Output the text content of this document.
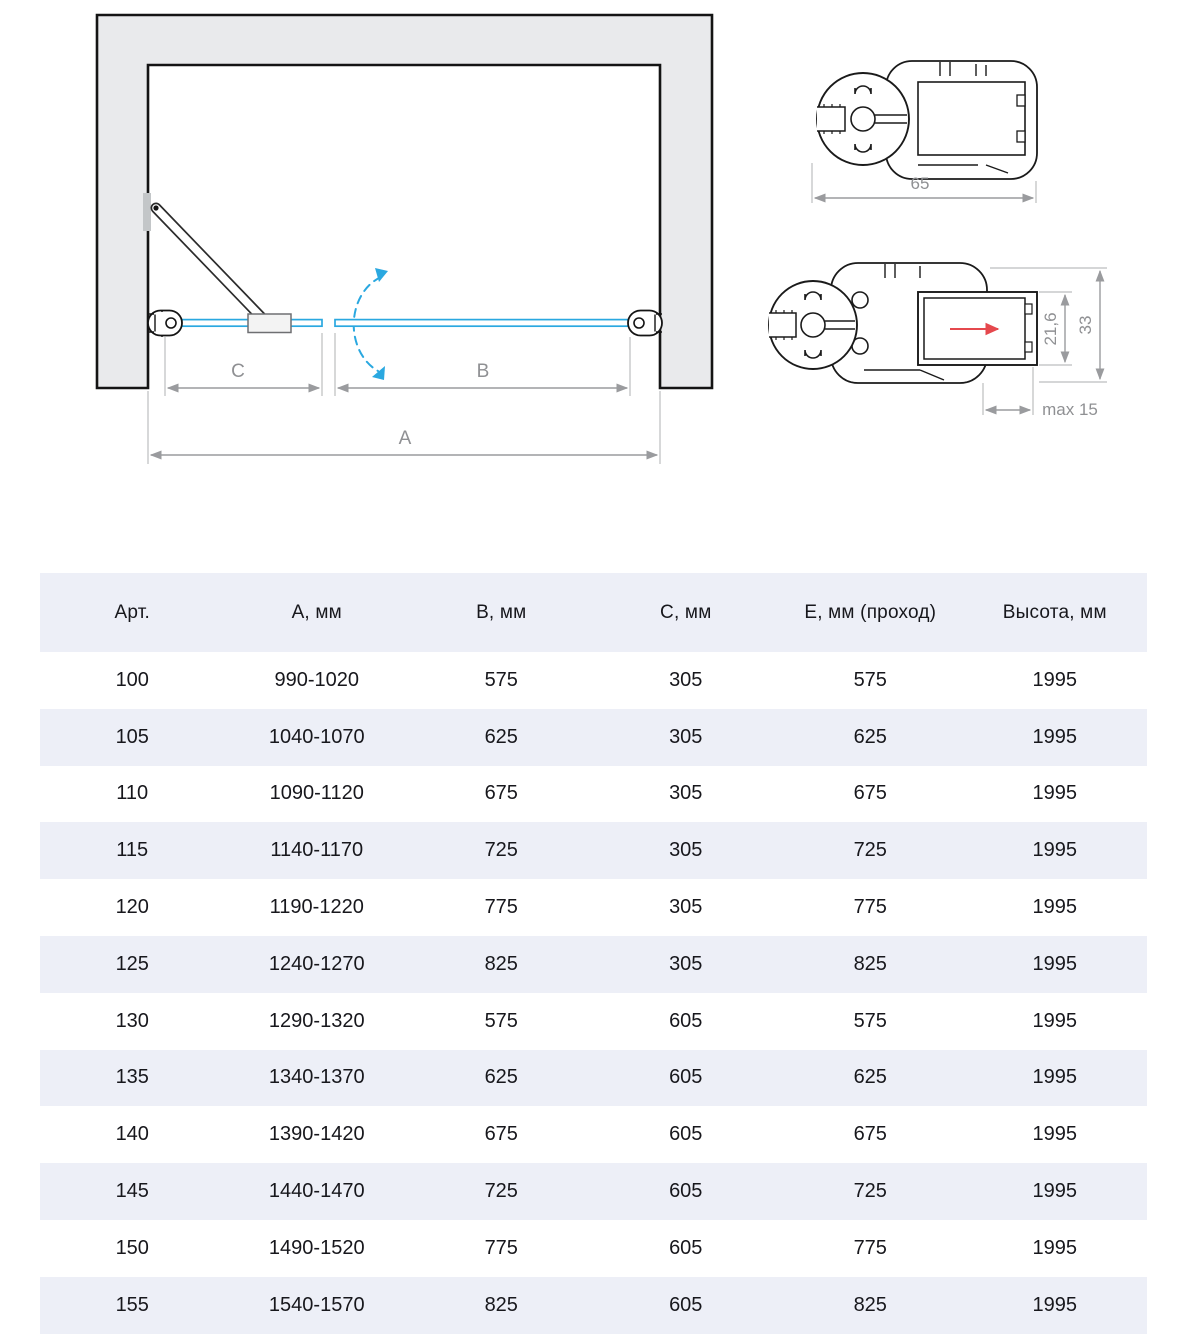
C	B
A
65
21,6 33
max 15
Арт.	А, мм	В, мм	С, мм	Е, мм (проход)	Высота, мм
100	990-1020	575	305	575	1995
105	1040-1070	625	305	625	1995
110	1090-1120	675	305	675	1995
115	1140-1170	725	305	725	1995
120	1190-1220	775	305	775	1995
125	1240-1270	825	305	825	1995
130	1290-1320	575	605	575	1995
135	1340-1370	625	605	625	1995
140	1390-1420	675	605	675	1995
145	1440-1470	725	605	725	1995
150	1490-1520	775	605	775	1995
155	1540-1570	825	605	825	1995
